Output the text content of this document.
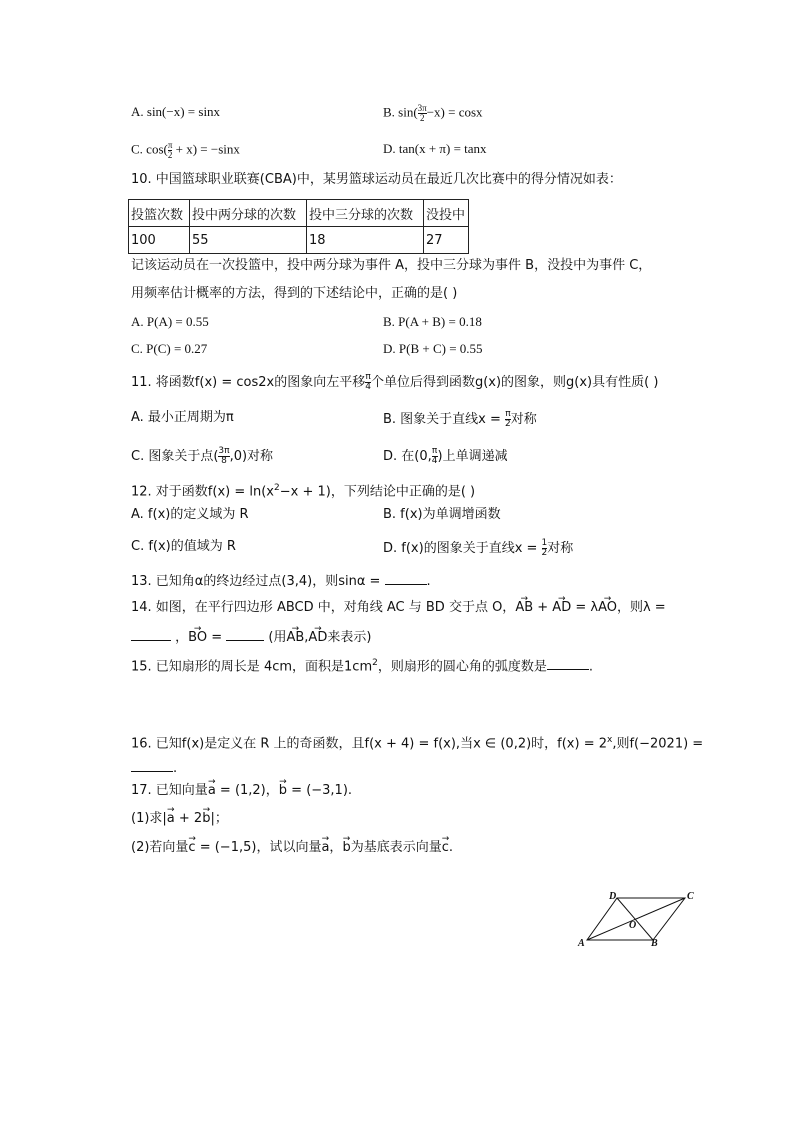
A. sin(−x) = sinx	B. $\sin( \frac{3\pi}{2} -x) = \cos x$
C. $\cos( \frac{\pi}{2} + x) = -\sin x$	D. tan(x + π) = tanx
10. 中国篮球职业联赛(CBA)中，某男篮球运动员在最近几次比赛中的得分情况如表：
投篮次数	投中两分球的次数	投中三分球的次数	没投中
100	55	18	27
记该运动员在一次投篮中，投中两分球为事件 A，投中三分球为事件 B，没投中为事件 C，
用频率估计概率的方法，得到的下述结论中，正确的是( )
A. P(A) = 0.55	B. P(A + B) = 0.18
C. P(C) = 0.27	D. P(B + C) = 0.55
11. 将函数f(x) = cos2x的图象向左平移 $\frac{\pi}{4}$ 个单位后得到函数g(x)的图象，则g(x)具有性质( )
A. 最小正周期为π	B. 图象关于直线$x = \frac{\pi}{2}$ 对称
C. 图象关于点( $\frac{3\pi}{8} ,0$)对称	D. 在(0, $\frac{\pi}{4}$ )上单调递减
12. 对于函数$f(x) = \ln(x^2-x + 1)$，下列结论中正确的是( )
A. f(x)的定义域为 R	B. f(x)为单调增函数
C. f(x)的值域为 R	D. f(x)的图象关于直线$x = \frac{1}{2}$ 对称
13. 已知角α的终边经过点(3,4)，则sinα =	.
14. 如图，在平行四边形 ABCD 中，对角线 AC 与 BD 交于点 O，→ AB + → AD = λ→ AO，则λ =
，→ BO =	(用→ AB,→ AD来表示)
15. 已知扇形的周长是 4cm，面积是$1cm^2$，则扇形的圆心角的弧度数是	.
16. 已知f(x)是定义在 R 上的奇函数，且f(x + 4) = f(x),当x ∈ (0,2)时，$f(x) = 2^x$,则f(−2021) =
.
17. 已知向量→ a = (1,2)，→ b = (−3,1).
(1)求|→ a + 2→ b|；
(2)若向量→ c = (−1,5)，试以向量→ a，→ b为基底表示向量→ c.
A	B
C
D
O
